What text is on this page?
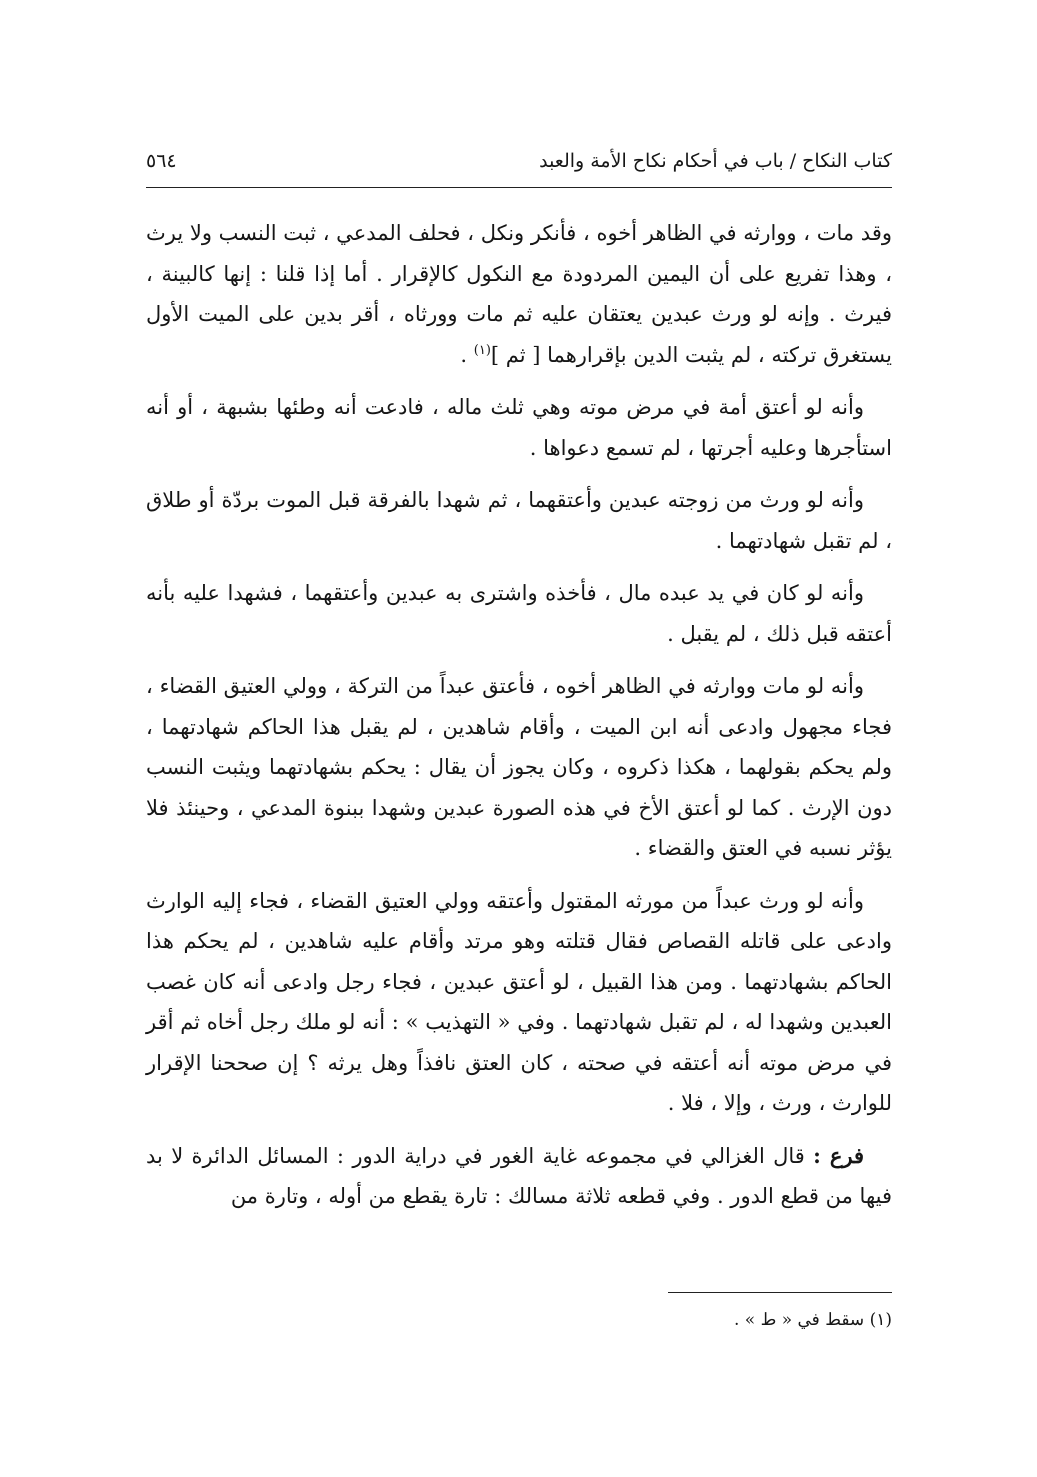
كتاب النكاح / باب في أحكام نكاح الأمة والعبد
٥٦٤

وقد مات ، ووارثه في الظاهر أخوه ، فأنكر ونكل ، فحلف المدعي ، ثبت النسب ولا يرث ، وهذا تفريع على أن اليمين المردودة مع النكول كالإقرار . أما إذا قلنا : إنها كالبينة ، فيرث . وإنه لو ورث عبدين يعتقان عليه ثم مات وورثاه ، أقر بدين على الميت الأول يستغرق تركته ، لم يثبت الدين بإقرارهما [ ثم ]$^{(١)}$ .

وأنه لو أعتق أمة في مرض موته وهي ثلث ماله ، فادعت أنه وطئها بشبهة ، أو أنه استأجرها وعليه أجرتها ، لم تسمع دعواها .

وأنه لو ورث من زوجته عبدين وأعتقهما ، ثم شهدا بالفرقة قبل الموت بردّة أو طلاق ، لم تقبل شهادتهما .

وأنه لو كان في يد عبده مال ، فأخذه واشترى به عبدين وأعتقهما ، فشهدا عليه بأنه أعتقه قبل ذلك ، لم يقبل .

وأنه لو مات ووارثه في الظاهر أخوه ، فأعتق عبداً من التركة ، وولي العتيق القضاء ، فجاء مجهول وادعى أنه ابن الميت ، وأقام شاهدين ، لم يقبل هذا الحاكم شهادتهما ، ولم يحكم بقولهما ، هكذا ذكروه ، وكان يجوز أن يقال : يحكم بشهادتهما ويثبت النسب دون الإرث . كما لو أعتق الأخ في هذه الصورة عبدين وشهدا ببنوة المدعي ، وحينئذ فلا يؤثر نسبه في العتق والقضاء .

وأنه لو ورث عبداً من مورثه المقتول وأعتقه وولي العتيق القضاء ، فجاء إليه الوارث وادعى على قاتله القصاص فقال قتلته وهو مرتد وأقام عليه شاهدين ، لم يحكم هذا الحاكم بشهادتهما . ومن هذا القبيل ، لو أعتق عبدين ، فجاء رجل وادعى أنه كان غصب العبدين وشهدا له ، لم تقبل شهادتهما . وفي « التهذيب » : أنه لو ملك رجل أخاه ثم أقر في مرض موته أنه أعتقه في صحته ، كان العتق نافذاً وهل يرثه ؟ إن صححنا الإقرار للوارث ، ورث ، وإلا ، فلا .

فرع : قال الغزالي في مجموعه غاية الغور في دراية الدور : المسائل الدائرة لا بد فيها من قطع الدور . وفي قطعه ثلاثة مسالك : تارة يقطع من أوله ، وتارة من

(١) سقط في « ط » .
